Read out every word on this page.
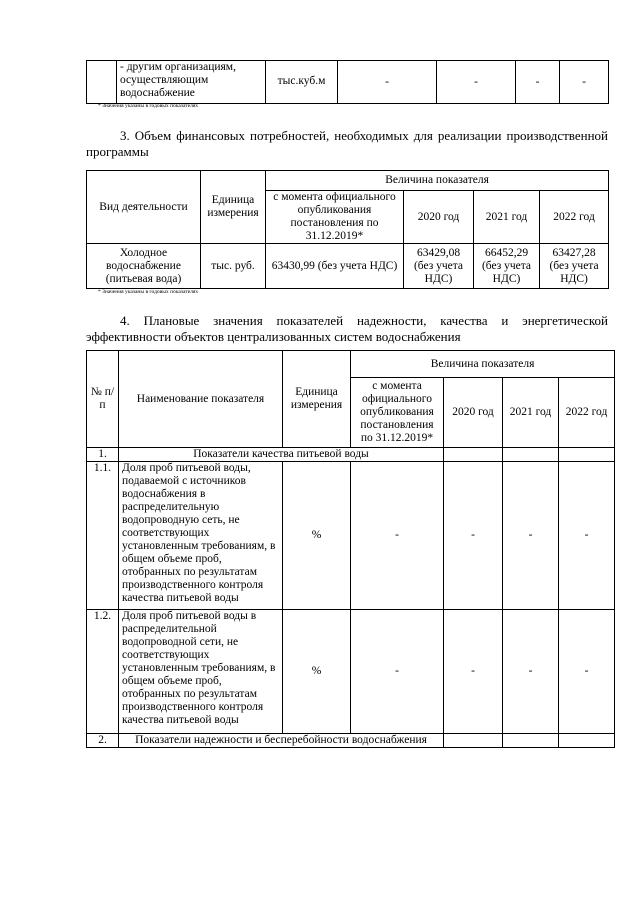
	- другим организациям, осуществляющим водоснабжение	тыс.куб.м	-	-	-	-
* Значения указаны в годовых показателях
3. Объем финансовых потребностей, необходимых для реализации производственной
программы
Вид деятельности	Единица измерения	Величина показателя			
		с момента официального опубликования постановления по 31.12.2019*	2020 год	2021 год	2022 год
Холодное водоснабжение (питьевая вода)	тыс. руб.	63430,99 (без учета НДС)	63429,08 (без учета НДС)	66452,29 (без учета НДС)	63427,28 (без учета НДС)
* Значения указаны в годовых показателях
4. Плановые значения показателей надежности, качества и энергетической
эффективности объектов централизованных систем водоснабжения
№ п/п	Наименование показателя	Единица измерения	Величина показателя			
			с момента официального опубликования постановления по 31.12.2019*	2020 год	2021 год	2022 год
1.	Показатели качества питьевой воды					
1.1.	Доля проб питьевой воды, подаваемой с источников водоснабжения в распределительную водопроводную сеть, не соответствующих установленным требованиям, в общем объеме проб, отобранных по результатам производственного контроля качества питьевой воды	%	-	-	-	-
1.2.	Доля проб питьевой воды в распределительной водопроводной сети, не соответствующих установленным требованиям, в общем объеме проб, отобранных по результатам производственного контроля качества питьевой воды	%	-	-	-	-
2.	Показатели надежности и бесперебойности водоснабжения					
